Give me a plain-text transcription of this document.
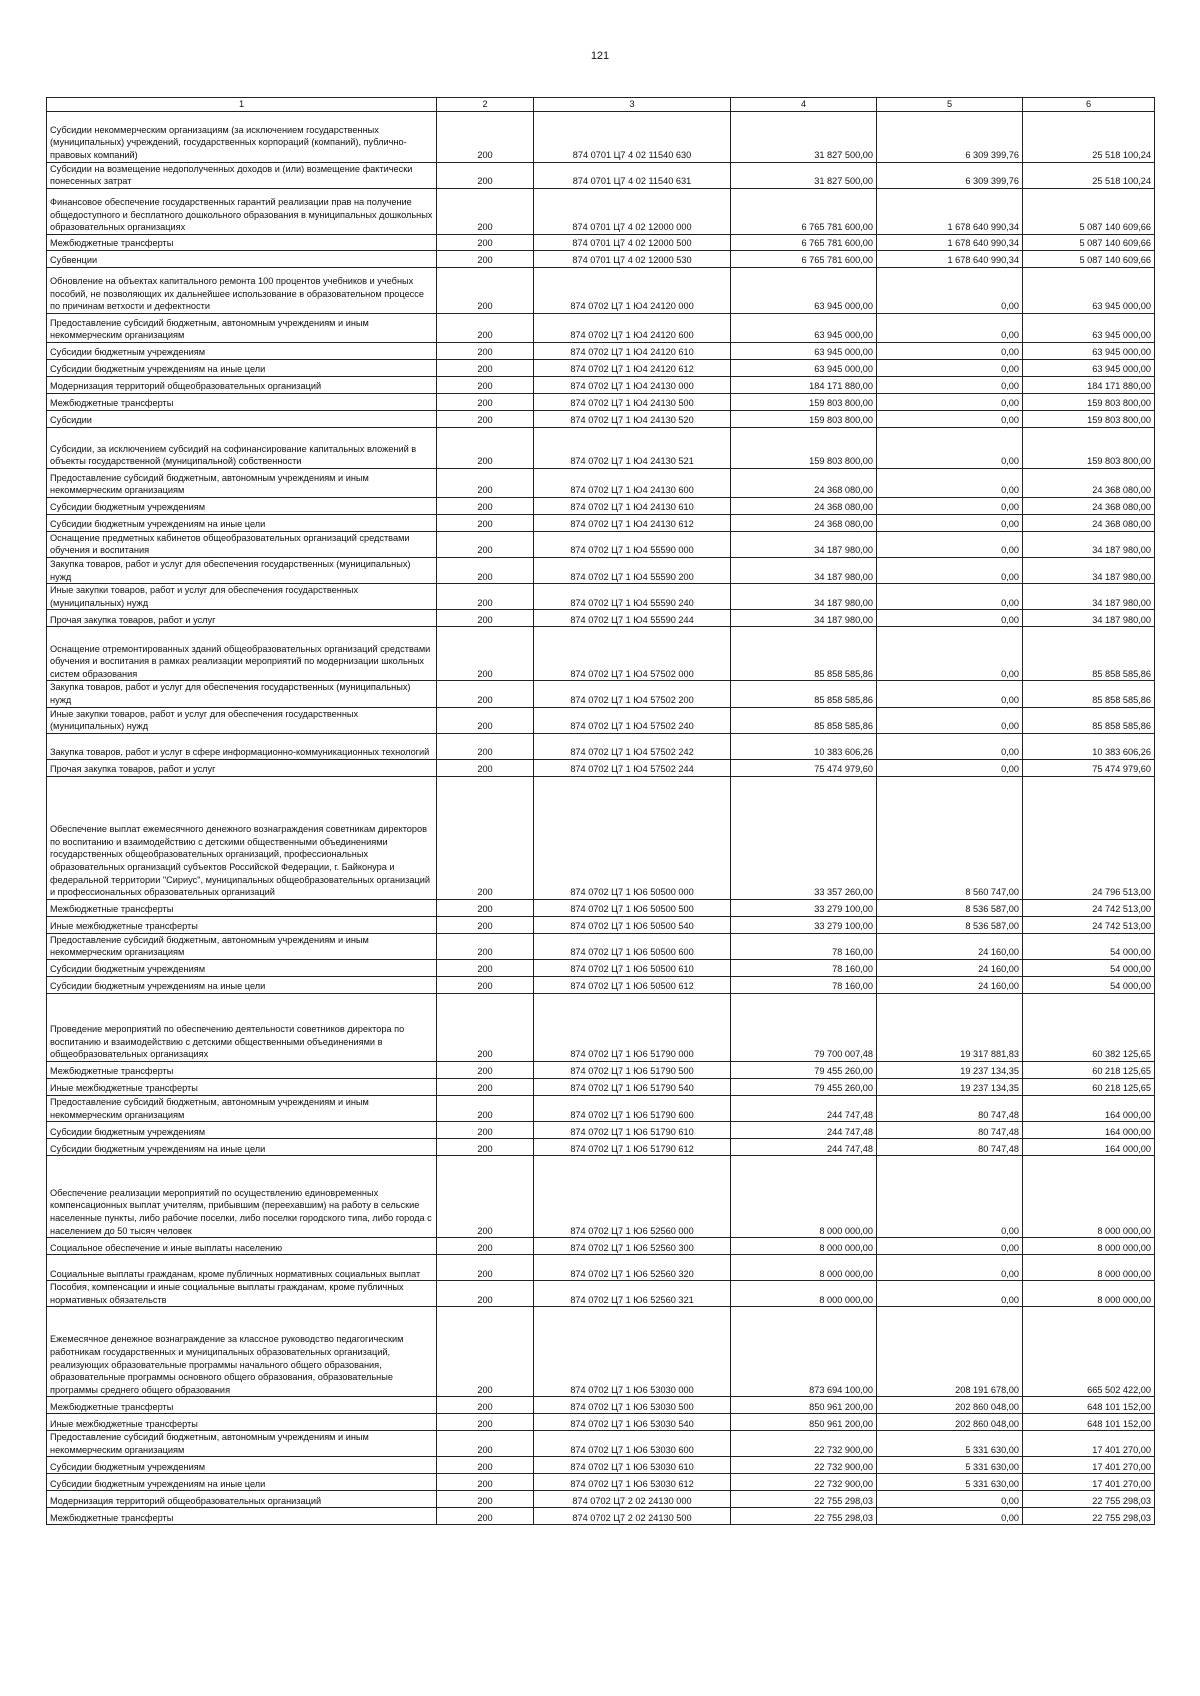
121
1	2	3	4	5	6
Субсидии некоммерческим организациям (за исключением государственных (муниципальных) учреждений, государственных корпораций (компаний), публично-правовых компаний)	200	874 0701 Ц7 4 02 11540 630	31 827 500,00	6 309 399,76	25 518 100,24
Субсидии на возмещение недополученных доходов и (или) возмещение фактически понесенных затрат	200	874 0701 Ц7 4 02 11540 631	31 827 500,00	6 309 399,76	25 518 100,24
Финансовое обеспечение государственных гарантий реализации прав на получение общедоступного и бесплатного дошкольного образования в муниципальных дошкольных образовательных организациях	200	874 0701 Ц7 4 02 12000 000	6 765 781 600,00	1 678 640 990,34	5 087 140 609,66
Межбюджетные трансферты	200	874 0701 Ц7 4 02 12000 500	6 765 781 600,00	1 678 640 990,34	5 087 140 609,66
Субвенции	200	874 0701 Ц7 4 02 12000 530	6 765 781 600,00	1 678 640 990,34	5 087 140 609,66
Обновление на объектах капитального ремонта 100 процентов учебников и учебных пособий, не позволяющих их дальнейшее использование в образовательном процессе по причинам ветхости и дефектности	200	874 0702 Ц7 1 Ю4 24120 000	63 945 000,00	0,00	63 945 000,00
Предоставление субсидий бюджетным, автономным учреждениям и иным некоммерческим организациям	200	874 0702 Ц7 1 Ю4 24120 600	63 945 000,00	0,00	63 945 000,00
Субсидии бюджетным учреждениям	200	874 0702 Ц7 1 Ю4 24120 610	63 945 000,00	0,00	63 945 000,00
Субсидии бюджетным учреждениям на иные цели	200	874 0702 Ц7 1 Ю4 24120 612	63 945 000,00	0,00	63 945 000,00
Модернизация территорий общеобразовательных организаций	200	874 0702 Ц7 1 Ю4 24130 000	184 171 880,00	0,00	184 171 880,00
Межбюджетные трансферты	200	874 0702 Ц7 1 Ю4 24130 500	159 803 800,00	0,00	159 803 800,00
Субсидии	200	874 0702 Ц7 1 Ю4 24130 520	159 803 800,00	0,00	159 803 800,00
Субсидии, за исключением субсидий на софинансирование капитальных вложений в объекты государственной (муниципальной) собственности	200	874 0702 Ц7 1 Ю4 24130 521	159 803 800,00	0,00	159 803 800,00
Предоставление субсидий бюджетным, автономным учреждениям и иным некоммерческим организациям	200	874 0702 Ц7 1 Ю4 24130 600	24 368 080,00	0,00	24 368 080,00
Субсидии бюджетным учреждениям	200	874 0702 Ц7 1 Ю4 24130 610	24 368 080,00	0,00	24 368 080,00
Субсидии бюджетным учреждениям на иные цели	200	874 0702 Ц7 1 Ю4 24130 612	24 368 080,00	0,00	24 368 080,00
Оснащение предметных кабинетов общеобразовательных организаций средствами обучения и воспитания	200	874 0702 Ц7 1 Ю4 55590 000	34 187 980,00	0,00	34 187 980,00
Закупка товаров, работ и услуг для обеспечения государственных (муниципальных) нужд	200	874 0702 Ц7 1 Ю4 55590 200	34 187 980,00	0,00	34 187 980,00
Иные закупки товаров, работ и услуг для обеспечения государственных (муниципальных) нужд	200	874 0702 Ц7 1 Ю4 55590 240	34 187 980,00	0,00	34 187 980,00
Прочая закупка товаров, работ и услуг	200	874 0702 Ц7 1 Ю4 55590 244	34 187 980,00	0,00	34 187 980,00
Оснащение отремонтированных зданий общеобразовательных организаций средствами обучения и воспитания в рамках реализации мероприятий по модернизации школьных систем образования	200	874 0702 Ц7 1 Ю4 57502 000	85 858 585,86	0,00	85 858 585,86
Закупка товаров, работ и услуг для обеспечения государственных (муниципальных) нужд	200	874 0702 Ц7 1 Ю4 57502 200	85 858 585,86	0,00	85 858 585,86
Иные закупки товаров, работ и услуг для обеспечения государственных (муниципальных) нужд	200	874 0702 Ц7 1 Ю4 57502 240	85 858 585,86	0,00	85 858 585,86
Закупка товаров, работ и услуг в сфере информационно-коммуникационных технологий	200	874 0702 Ц7 1 Ю4 57502 242	10 383 606,26	0,00	10 383 606,26
Прочая закупка товаров, работ и услуг	200	874 0702 Ц7 1 Ю4 57502 244	75 474 979,60	0,00	75 474 979,60
Обеспечение выплат ежемесячного денежного вознаграждения советникам директоров по воспитанию и взаимодействию с детскими общественными объединениями государственных общеобразовательных организаций, профессиональных образовательных организаций субъектов Российской Федерации, г. Байконура и федеральной территории "Сириус", муниципальных общеобразовательных организаций и профессиональных образовательных организаций	200	874 0702 Ц7 1 Ю6 50500 000	33 357 260,00	8 560 747,00	24 796 513,00
Межбюджетные трансферты	200	874 0702 Ц7 1 Ю6 50500 500	33 279 100,00	8 536 587,00	24 742 513,00
Иные межбюджетные трансферты	200	874 0702 Ц7 1 Ю6 50500 540	33 279 100,00	8 536 587,00	24 742 513,00
Предоставление субсидий бюджетным, автономным учреждениям и иным некоммерческим организациям	200	874 0702 Ц7 1 Ю6 50500 600	78 160,00	24 160,00	54 000,00
Субсидии бюджетным учреждениям	200	874 0702 Ц7 1 Ю6 50500 610	78 160,00	24 160,00	54 000,00
Субсидии бюджетным учреждениям на иные цели	200	874 0702 Ц7 1 Ю6 50500 612	78 160,00	24 160,00	54 000,00
Проведение мероприятий по обеспечению деятельности советников директора по воспитанию и взаимодействию с детскими общественными объединениями в общеобразовательных организациях	200	874 0702 Ц7 1 Ю6 51790 000	79 700 007,48	19 317 881,83	60 382 125,65
Межбюджетные трансферты	200	874 0702 Ц7 1 Ю6 51790 500	79 455 260,00	19 237 134,35	60 218 125,65
Иные межбюджетные трансферты	200	874 0702 Ц7 1 Ю6 51790 540	79 455 260,00	19 237 134,35	60 218 125,65
Предоставление субсидий бюджетным, автономным учреждениям и иным некоммерческим организациям	200	874 0702 Ц7 1 Ю6 51790 600	244 747,48	80 747,48	164 000,00
Субсидии бюджетным учреждениям	200	874 0702 Ц7 1 Ю6 51790 610	244 747,48	80 747,48	164 000,00
Субсидии бюджетным учреждениям на иные цели	200	874 0702 Ц7 1 Ю6 51790 612	244 747,48	80 747,48	164 000,00
Обеспечение реализации мероприятий по осуществлению единовременных компенсационных выплат учителям, прибывшим (переехавшим) на работу в сельские населенные пункты, либо рабочие поселки, либо поселки городского типа, либо города с населением до 50 тысяч человек	200	874 0702 Ц7 1 Ю6 52560 000	8 000 000,00	0,00	8 000 000,00
Социальное обеспечение и иные выплаты населению	200	874 0702 Ц7 1 Ю6 52560 300	8 000 000,00	0,00	8 000 000,00
Социальные выплаты гражданам, кроме публичных нормативных социальных выплат	200	874 0702 Ц7 1 Ю6 52560 320	8 000 000,00	0,00	8 000 000,00
Пособия, компенсации и иные социальные выплаты гражданам, кроме публичных нормативных обязательств	200	874 0702 Ц7 1 Ю6 52560 321	8 000 000,00	0,00	8 000 000,00
Ежемесячное денежное вознаграждение за классное руководство педагогическим работникам государственных и муниципальных образовательных организаций, реализующих образовательные программы начального общего образования, образовательные программы основного общего образования, образовательные программы среднего общего образования	200	874 0702 Ц7 1 Ю6 53030 000	873 694 100,00	208 191 678,00	665 502 422,00
Межбюджетные трансферты	200	874 0702 Ц7 1 Ю6 53030 500	850 961 200,00	202 860 048,00	648 101 152,00
Иные межбюджетные трансферты	200	874 0702 Ц7 1 Ю6 53030 540	850 961 200,00	202 860 048,00	648 101 152,00
Предоставление субсидий бюджетным, автономным учреждениям и иным некоммерческим организациям	200	874 0702 Ц7 1 Ю6 53030 600	22 732 900,00	5 331 630,00	17 401 270,00
Субсидии бюджетным учреждениям	200	874 0702 Ц7 1 Ю6 53030 610	22 732 900,00	5 331 630,00	17 401 270,00
Субсидии бюджетным учреждениям на иные цели	200	874 0702 Ц7 1 Ю6 53030 612	22 732 900,00	5 331 630,00	17 401 270,00
Модернизация территорий общеобразовательных организаций	200	874 0702 Ц7 2 02 24130 000	22 755 298,03	0,00	22 755 298,03
Межбюджетные трансферты	200	874 0702 Ц7 2 02 24130 500	22 755 298,03	0,00	22 755 298,03
